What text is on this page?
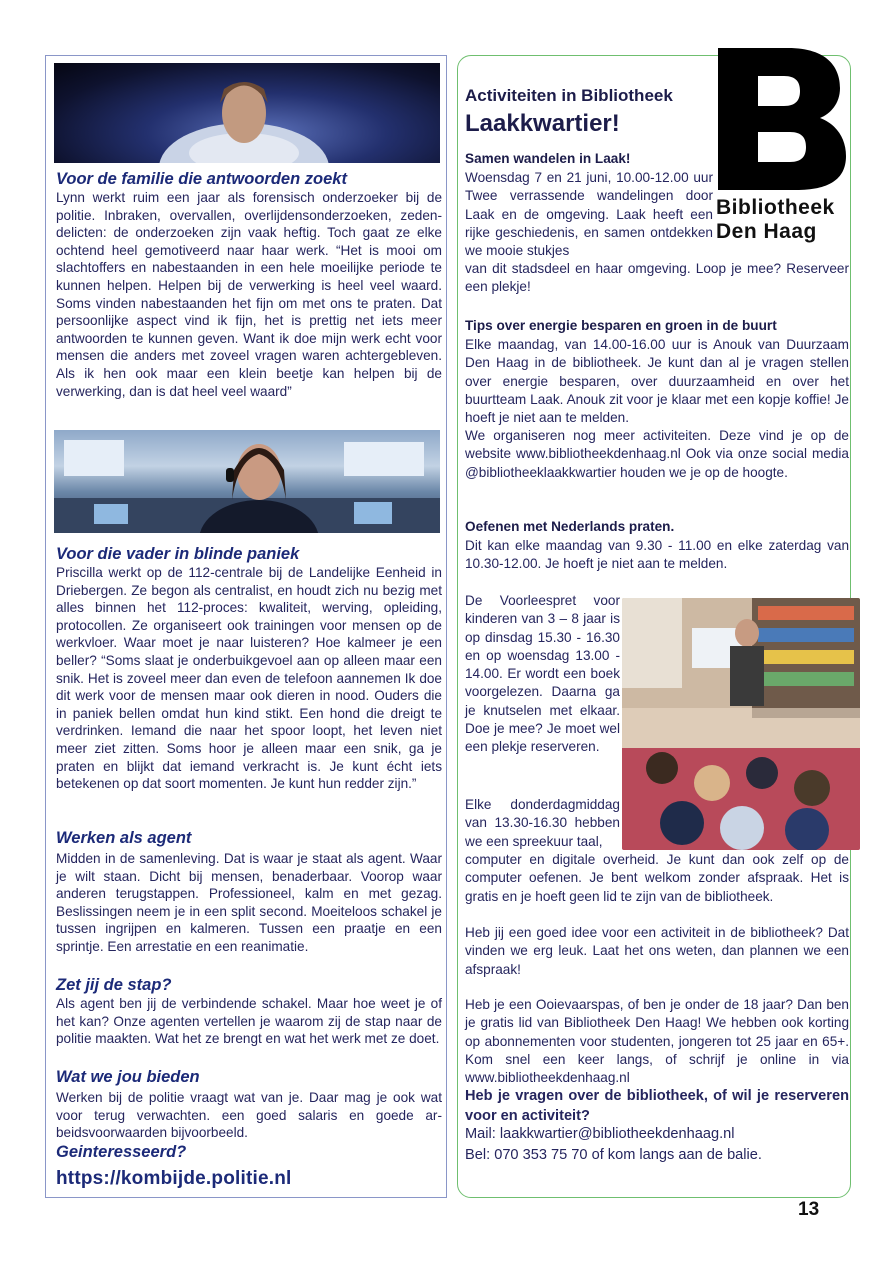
Voor de familie die antwoorden zoekt

Lynn werkt ruim een jaar als forensisch onderzoeker bij de politie. Inbraken, overvallen, overlijdensonderzoeken, zedendelicten: de onderzoeken zijn vaak heftig. Toch gaat ze elke ochtend heel gemotiveerd naar haar werk. “Het is mooi om slachtoffers en nabestaanden in een hele moeilijke periode te kunnen helpen. Helpen bij de verwerking is heel veel waard. Soms vinden nabestaanden het fijn om met ons te praten. Dat persoonlijke aspect vind ik fijn, het is prettig net iets meer antwoorden te kunnen geven. Want ik doe mijn werk echt voor mensen die anders met zoveel vragen waren achtergebleven. Als ik hen ook maar een klein beetje kan helpen bij de verwerking, dan is dat heel veel waard”

Voor die vader in blinde paniek

Priscilla werkt op de 112-centrale bij de Landelijke Eenheid in Driebergen. Ze begon als centralist, en houdt zich nu bezig met alles binnen het 112-proces: kwaliteit, werving, opleiding, protocollen. Ze organiseert ook trainingen voor mensen op de werkvloer. Waar moet je naar luisteren? Hoe kalmeer je een beller? “Soms slaat je onderbuikgevoel aan op alleen maar een snik. Het is zoveel meer dan even de telefoon aannemen Ik doe dit werk voor de mensen maar ook dieren in nood. Ouders die in paniek bellen omdat hun kind stikt. Een hond die dreigt te verdrinken. Iemand die naar het spoor loopt, het leven niet meer ziet zitten. Soms hoor je alleen maar een snik, ga je praten en blijkt dat iemand verkracht is. Je kunt écht iets betekenen op dat soort momenten. Je kunt hun redder zijn.”

Werken als agent

Midden in de samenleving. Dat is waar je staat als agent. Waar je wilt staan. Dicht bij mensen, benaderbaar. Voorop waar anderen terugstappen. Professioneel, kalm en met gezag. Beslissingen neem je in een split second. Moeiteloos schakel je tussen ingrijpen en kalmeren. Tussen een praatje en een sprintje. Een arrestatie en een reanimatie.

Zet jij de stap?

Als agent ben jij de verbindende schakel. Maar hoe weet je of het kan? Onze agenten vertellen je waarom zij de stap naar de politie maakten. Wat het ze brengt en wat het werk met ze doet.

Wat we jou bieden

Werken bij de politie vraagt wat van je. Daar mag je ook wat voor terug verwachten. een goed salaris en goede arbeidsvoorwaarden bijvoorbeeld.

Geinteresseerd?
https://kombijde.politie.nl
Activiteiten in Bibliotheek
Laakkwartier!
Bibliotheek
Den Haag
Samen wandelen in Laak!

Woensdag 7 en 21 juni, 10.00-12.00 uur Twee verrassende wandelingen door Laak en de omgeving. Laak heeft een rijke geschiedenis, en samen ontdekken we mooie stukjes

van dit stadsdeel en haar omgeving. Loop je mee? Reserveer een plekje!

Tips over energie besparen en groen in de buurt

Elke maandag, van 14.00-16.00 uur is Anouk van Duurzaam Den Haag in de bibliotheek. Je kunt dan al je vragen stellen over energie besparen, over duurzaamheid en over het buurtteam Laak. Anouk zit voor je klaar met een kopje koffie! Je hoeft je niet aan te melden.

We organiseren nog meer activiteiten. Deze vind je op de website www.bibliotheekdenhaag.nl Ook via onze social media @bibliotheeklaakkwartier houden we je op de hoogte.

Oefenen met Nederlands praten.

Dit kan elke maandag van 9.30 - 11.00 en elke zaterdag van 10.30-12.00. Je hoeft je niet aan te melden.

De Voorleespret voor kinderen van 3 – 8 jaar is op dinsdag 15.30 - 16.30 en op woensdag 13.00 - 14.00. Er wordt een boek voorgelezen. Daarna ga je knutselen met elkaar. Doe je mee? Je moet wel een plekje reserveren.

Elke donderdagmiddag van 13.30-16.30 hebben we een spreekuur taal,

computer en digitale overheid. Je kunt dan ook zelf op de computer oefenen. Je bent welkom zonder afspraak. Het is gratis en je hoeft geen lid te zijn van de bibliotheek.

Heb jij een goed idee voor een activiteit in de bibliotheek? Dat vinden we erg leuk. Laat het ons weten, dan plannen we een afspraak!

Heb je een Ooievaarspas, of ben je onder de 18 jaar? Dan ben je gratis lid van Bibliotheek Den Haag! We hebben ook korting op abonnementen voor studenten, jongeren tot 25 jaar en 65+. Kom snel een keer langs, of schrijf je online in via www.bibliotheekdenhaag.nl

Heb je vragen over de bibliotheek, of wil je reserveren voor en activiteit?

Mail: laakkwartier@bibliotheekdenhaag.nl
Bel: 070 353 75 70 of kom langs aan de balie.
13
